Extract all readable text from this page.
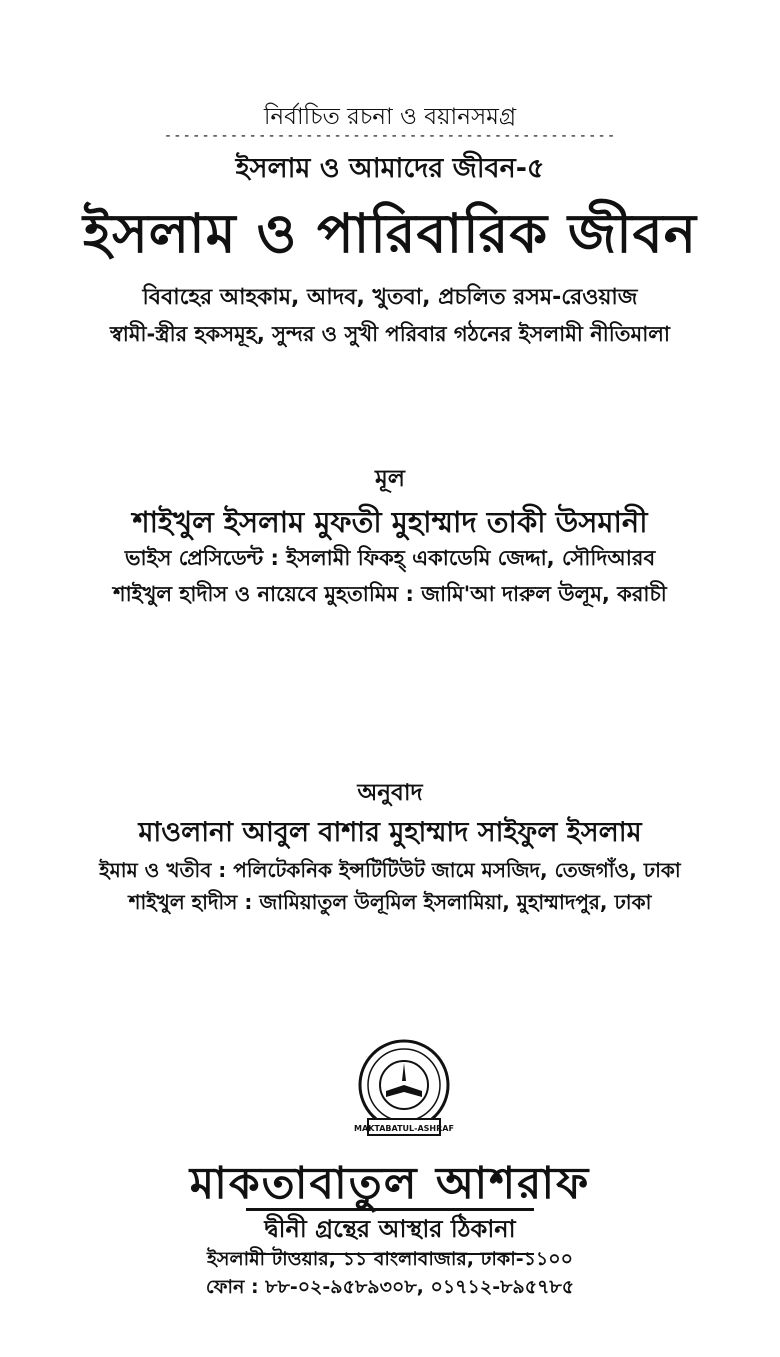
নির্বাচিত রচনা ও বয়ানসমগ্র
------------------------------------------------
ইসলাম ও আমাদের জীবন-৫
ইসলাম ও পারিবারিক জীবন
বিবাহের আহকাম, আদব, খুতবা, প্রচলিত রসম-রেওয়াজ
স্বামী-স্ত্রীর হকসমূহ, সুন্দর ও সুখী পরিবার গঠনের ইসলামী নীতিমালা
মূল
শাইখুল ইসলাম মুফতী মুহাম্মাদ তাকী উসমানী
ভাইস প্রেসিডেন্ট : ইসলামী ফিকহ্‌ একাডেমি জেদ্দা, সৌদিআরব
শাইখুল হাদীস ও নায়েবে মুহতামিম : জামি'আ দারুল উলূম, করাচী
অনুবাদ
মাওলানা আবুল বাশার মুহাম্মাদ সাইফুল ইসলাম
ইমাম ও খতীব : পলিটেকনিক ইন্সটিটিউট জামে মসজিদ, তেজগাঁও, ঢাকা
শাইখুল হাদীস : জামিয়াতুল উলূমিল ইসলামিয়া, মুহাম্মাদপুর, ঢাকা
MAKTABATUL-ASHRAF
মাকতাবাতুল আশরাফ
দ্বীনী গ্রন্থের আস্থার ঠিকানা
ইসলামী টাওয়ার, ১১ বাংলাবাজার, ঢাকা-১১০০
ফোন : ৮৮-০২-৯৫৮৯৩০৮, ০১৭১২-৮৯৫৭৮৫
